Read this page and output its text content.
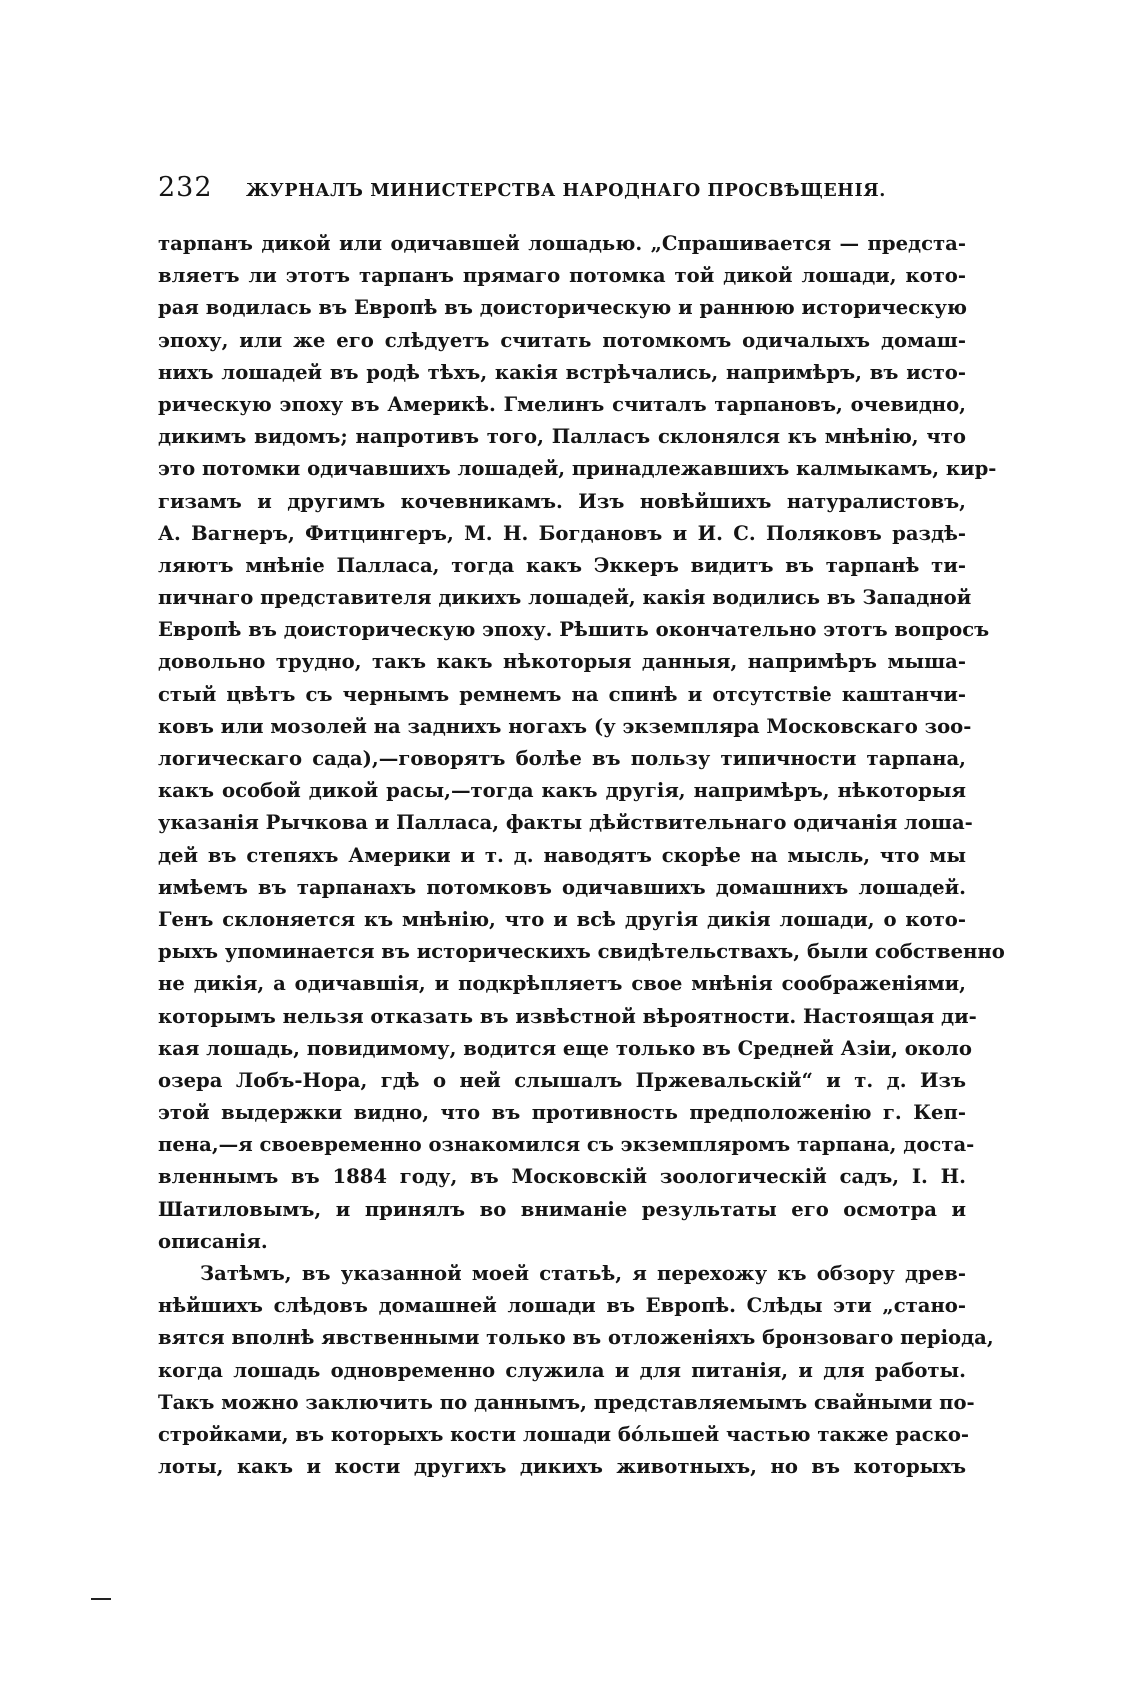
232	ЖУРНАЛЪ МИНИСТЕРСТВА НАРОДНАГО ПРОСВѢЩЕНІЯ.
тарпанъ дикой или одичавшей лошадью. „Спрашивается — предста-
вляетъ ли этотъ тарпанъ прямаго потомка той дикой лошади, кото-
рая водилась въ Европѣ въ доисторическую и раннюю историческую
эпоху, или же его слѣдуетъ считать потомкомъ одичалыхъ домаш-
нихъ лошадей въ родѣ тѣхъ, какія встрѣчались, напримѣръ, въ исто-
рическую эпоху въ Америкѣ. Гмелинъ считалъ тарпановъ, очевидно,
дикимъ видомъ; напротивъ того, Палласъ склонялся къ мнѣнію, что
это потомки одичавшихъ лошадей, принадлежавшихъ калмыкамъ, кир-
гизамъ и другимъ кочевникамъ. Изъ новѣйшихъ натуралистовъ,
А. Вагнеръ, Фитцингеръ, М. Н. Богдановъ и И. С. Поляковъ раздѣ-
ляютъ мнѣніе Палласа, тогда какъ Эккеръ видитъ въ тарпанѣ ти-
пичнаго представителя дикихъ лошадей, какія водились въ Западной
Европѣ въ доисторическую эпоху. Рѣшить окончательно этотъ вопросъ
довольно трудно, такъ какъ нѣкоторыя данныя, напримѣръ мыша-
стый цвѣтъ съ чернымъ ремнемъ на спинѣ и отсутствіе каштанчи-
ковъ или мозолей на заднихъ ногахъ (у экземпляра Московскаго зоо-
логическаго сада),—говорятъ болѣе въ пользу типичности тарпана,
какъ особой дикой расы,—тогда какъ другія, напримѣръ, нѣкоторыя
указанія Рычкова и Палласа, факты дѣйствительнаго одичанія лоша-
дей въ степяхъ Америки и т. д. наводятъ скорѣе на мысль, что мы
имѣемъ въ тарпанахъ потомковъ одичавшихъ домашнихъ лошадей.
Генъ склоняется къ мнѣнію, что и всѣ другія дикія лошади, о кото-
рыхъ упоминается въ историческихъ свидѣтельствахъ, были собственно
не дикія, а одичавшія, и подкрѣпляетъ свое мнѣнія соображеніями,
которымъ нельзя отказать въ извѣстной вѣроятности. Настоящая ди-
кая лошадь, повидимому, водится еще только въ Средней Азіи, около
озера Лобъ-Нора, гдѣ о ней слышалъ Пржевальскій“ и т. д. Изъ
этой выдержки видно, что въ противность предположенію г. Кеп-
пена,—я своевременно ознакомился съ экземпляромъ тарпана, доста-
вленнымъ въ 1884 году, въ Московскій зоологическій садъ, І. Н.
Шатиловымъ, и принялъ во вниманіе результаты его осмотра и
описанія.
Затѣмъ, въ указанной моей статьѣ, я перехожу къ обзору древ-
нѣйшихъ слѣдовъ домашней лошади въ Европѣ. Слѣды эти „стано-
вятся вполнѣ явственными только въ отложеніяхъ бронзоваго періода,
когда лошадь одновременно служила и для питанія, и для работы.
Такъ можно заключить по даннымъ, представляемымъ свайными по-
стройками, въ которыхъ кости лошади бóльшей частью также раско-
лоты, какъ и кости другихъ дикихъ животныхъ, но въ которыхъ
